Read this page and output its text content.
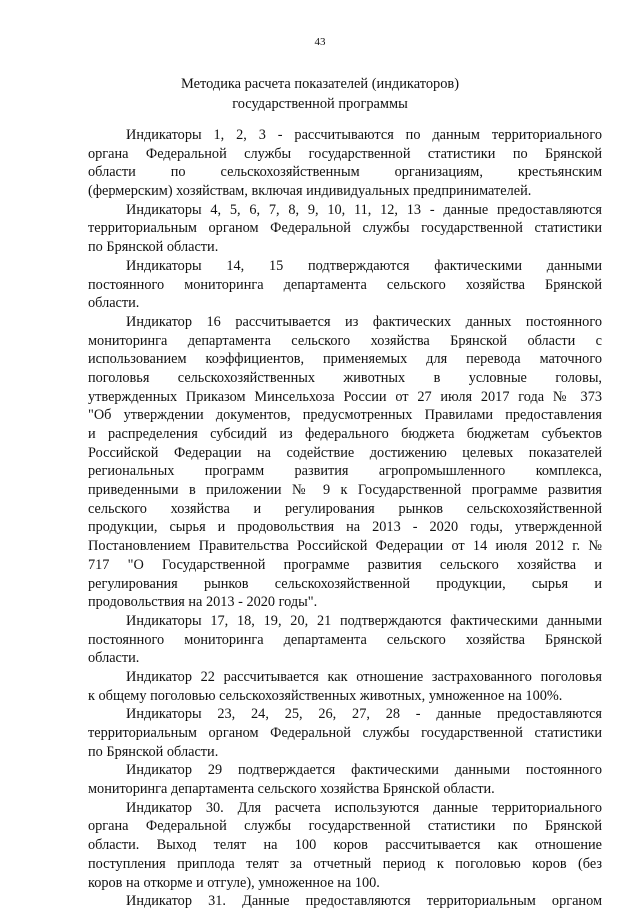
43
Методика расчета показателей (индикаторов)
государственной программы
Индикаторы 1, 2, 3 - рассчитываются по данным территориального
органа Федеральной службы государственной статистики по Брянской
области по сельскохозяйственным организациям, крестьянским
(фермерским) хозяйствам, включая индивидуальных предпринимателей.
Индикаторы 4, 5, 6, 7, 8, 9, 10, 11, 12, 13 - данные предоставляются
территориальным органом Федеральной службы государственной статистики
по Брянской области.
Индикаторы 14, 15 подтверждаются фактическими данными
постоянного мониторинга департамента сельского хозяйства Брянской
области.
Индикатор 16 рассчитывается из фактических данных постоянного
мониторинга департамента сельского хозяйства Брянской области с
использованием коэффициентов, применяемых для перевода маточного
поголовья сельскохозяйственных животных в условные головы,
утвержденных Приказом Минсельхоза России от 27 июля 2017 года № 373
"Об утверждении документов, предусмотренных Правилами предоставления
и распределения субсидий из федерального бюджета бюджетам субъектов
Российской Федерации на содействие достижению целевых показателей
региональных программ развития агропромышленного комплекса,
приведенными в приложении № 9 к Государственной программе развития
сельского хозяйства и регулирования рынков сельскохозяйственной
продукции, сырья и продовольствия на 2013 - 2020 годы, утвержденной
Постановлением Правительства Российской Федерации от 14 июля 2012 г. №
717 "О Государственной программе развития сельского хозяйства и
регулирования рынков сельскохозяйственной продукции, сырья и
продовольствия на 2013 - 2020 годы".
Индикаторы 17, 18, 19, 20, 21 подтверждаются фактическими данными
постоянного мониторинга департамента сельского хозяйства Брянской
области.
Индикатор 22 рассчитывается как отношение застрахованного поголовья
к общему поголовью сельскохозяйственных животных, умноженное на 100%.
Индикаторы 23, 24, 25, 26, 27, 28 - данные предоставляются
территориальным органом Федеральной службы государственной статистики
по Брянской области.
Индикатор 29 подтверждается фактическими данными постоянного
мониторинга департамента сельского хозяйства Брянской области.
Индикатор 30. Для расчета используются данные территориального
органа Федеральной службы государственной статистики по Брянской
области. Выход телят на 100 коров рассчитывается как отношение
поступления приплода телят за отчетный период к поголовью коров (без
коров на откорме и отгуле), умноженное на 100.
Индикатор 31. Данные предоставляются территориальным органом
